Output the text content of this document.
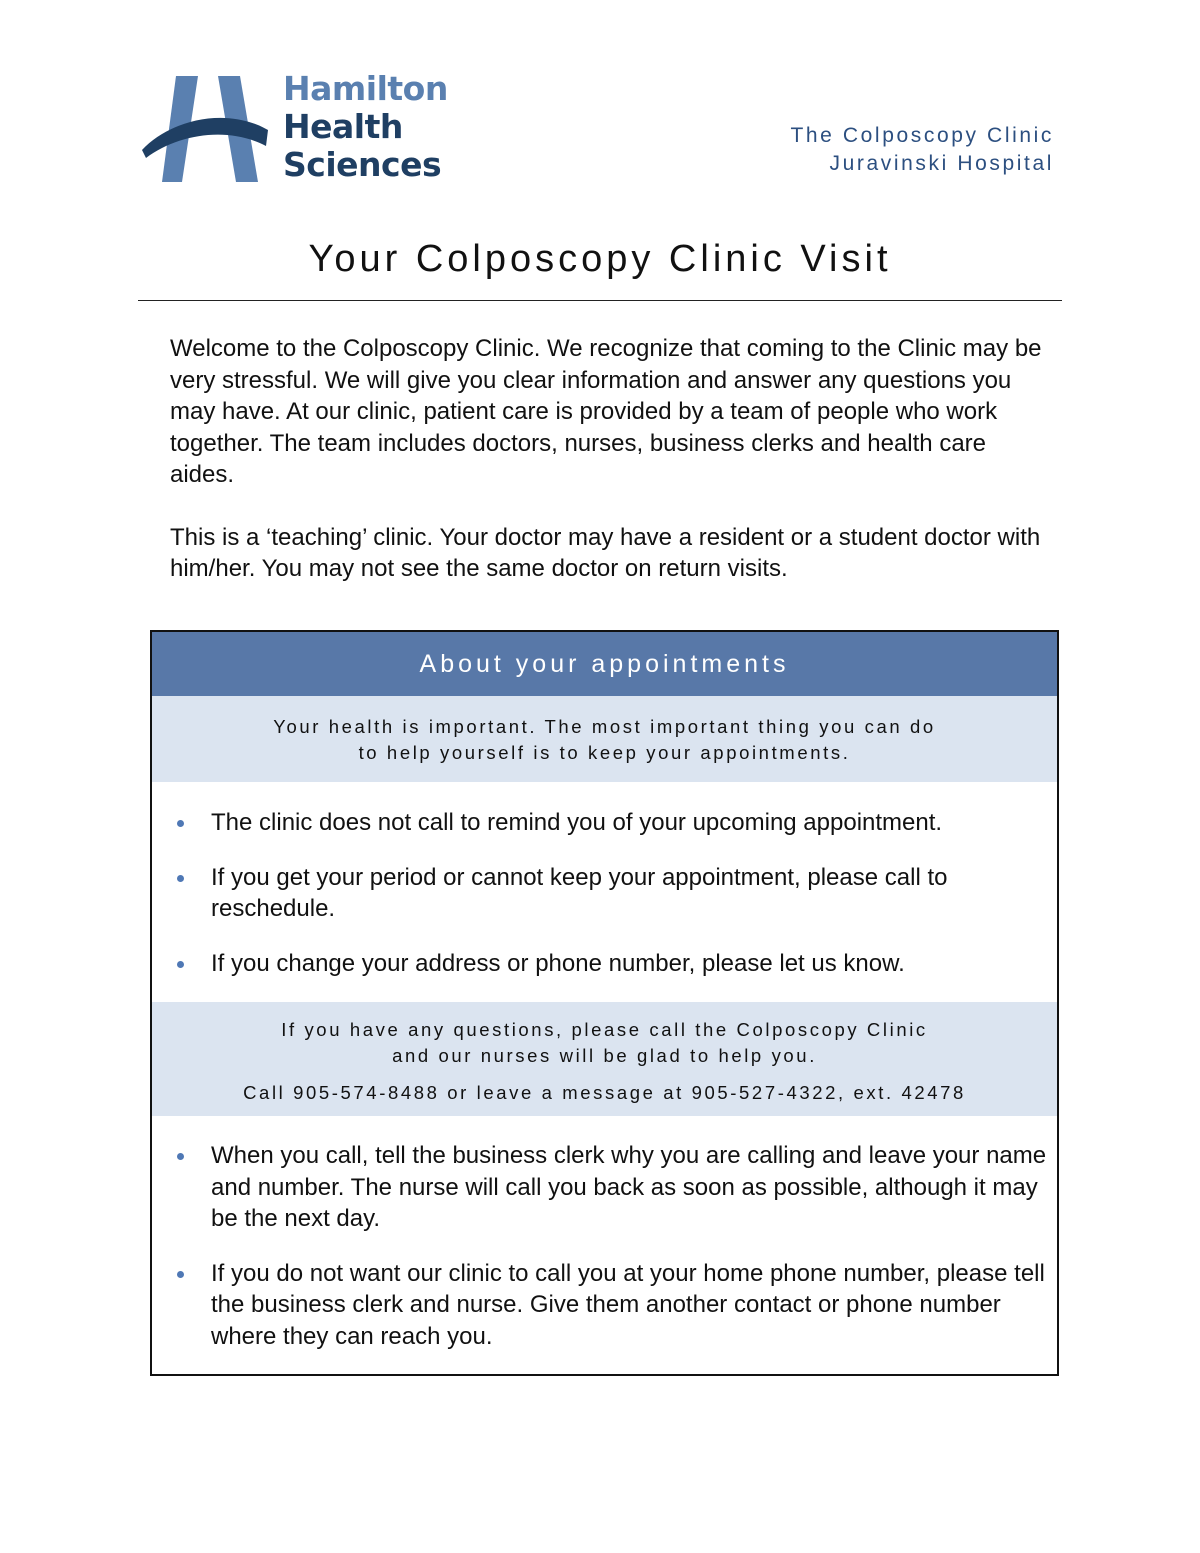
Hamilton
Health
Sciences
The Colposcopy Clinic
Juravinski Hospital
Your Colposcopy Clinic Visit

Welcome to the Colposcopy Clinic. We recognize that coming to the Clinic may be very stressful. We will give you clear information and answer any questions you may have. At our clinic, patient care is provided by a team of people who work together. The team includes doctors, nurses, business clerks and health care aides.

This is a ‘teaching’ clinic. Your doctor may have a resident or a student doctor with him/her. You may not see the same doctor on return visits.

About your appointments
Your health is important. The most important thing you can do
to help yourself is to keep your appointments.
The clinic does not call to remind you of your upcoming appointment.
If you get your period or cannot keep your appointment, please call to reschedule.
If you change your address or phone number, please let us know.
If you have any questions, please call the Colposcopy Clinic
and our nurses will be glad to help you.
Call 905-574-8488 or leave a message at 905-527-4322, ext. 42478
When you call, tell the business clerk why you are calling and leave your name and number. The nurse will call you back as soon as possible, although it may be the next day.
If you do not want our clinic to call you at your home phone number, please tell the business clerk and nurse. Give them another contact or phone number where they can reach you.
